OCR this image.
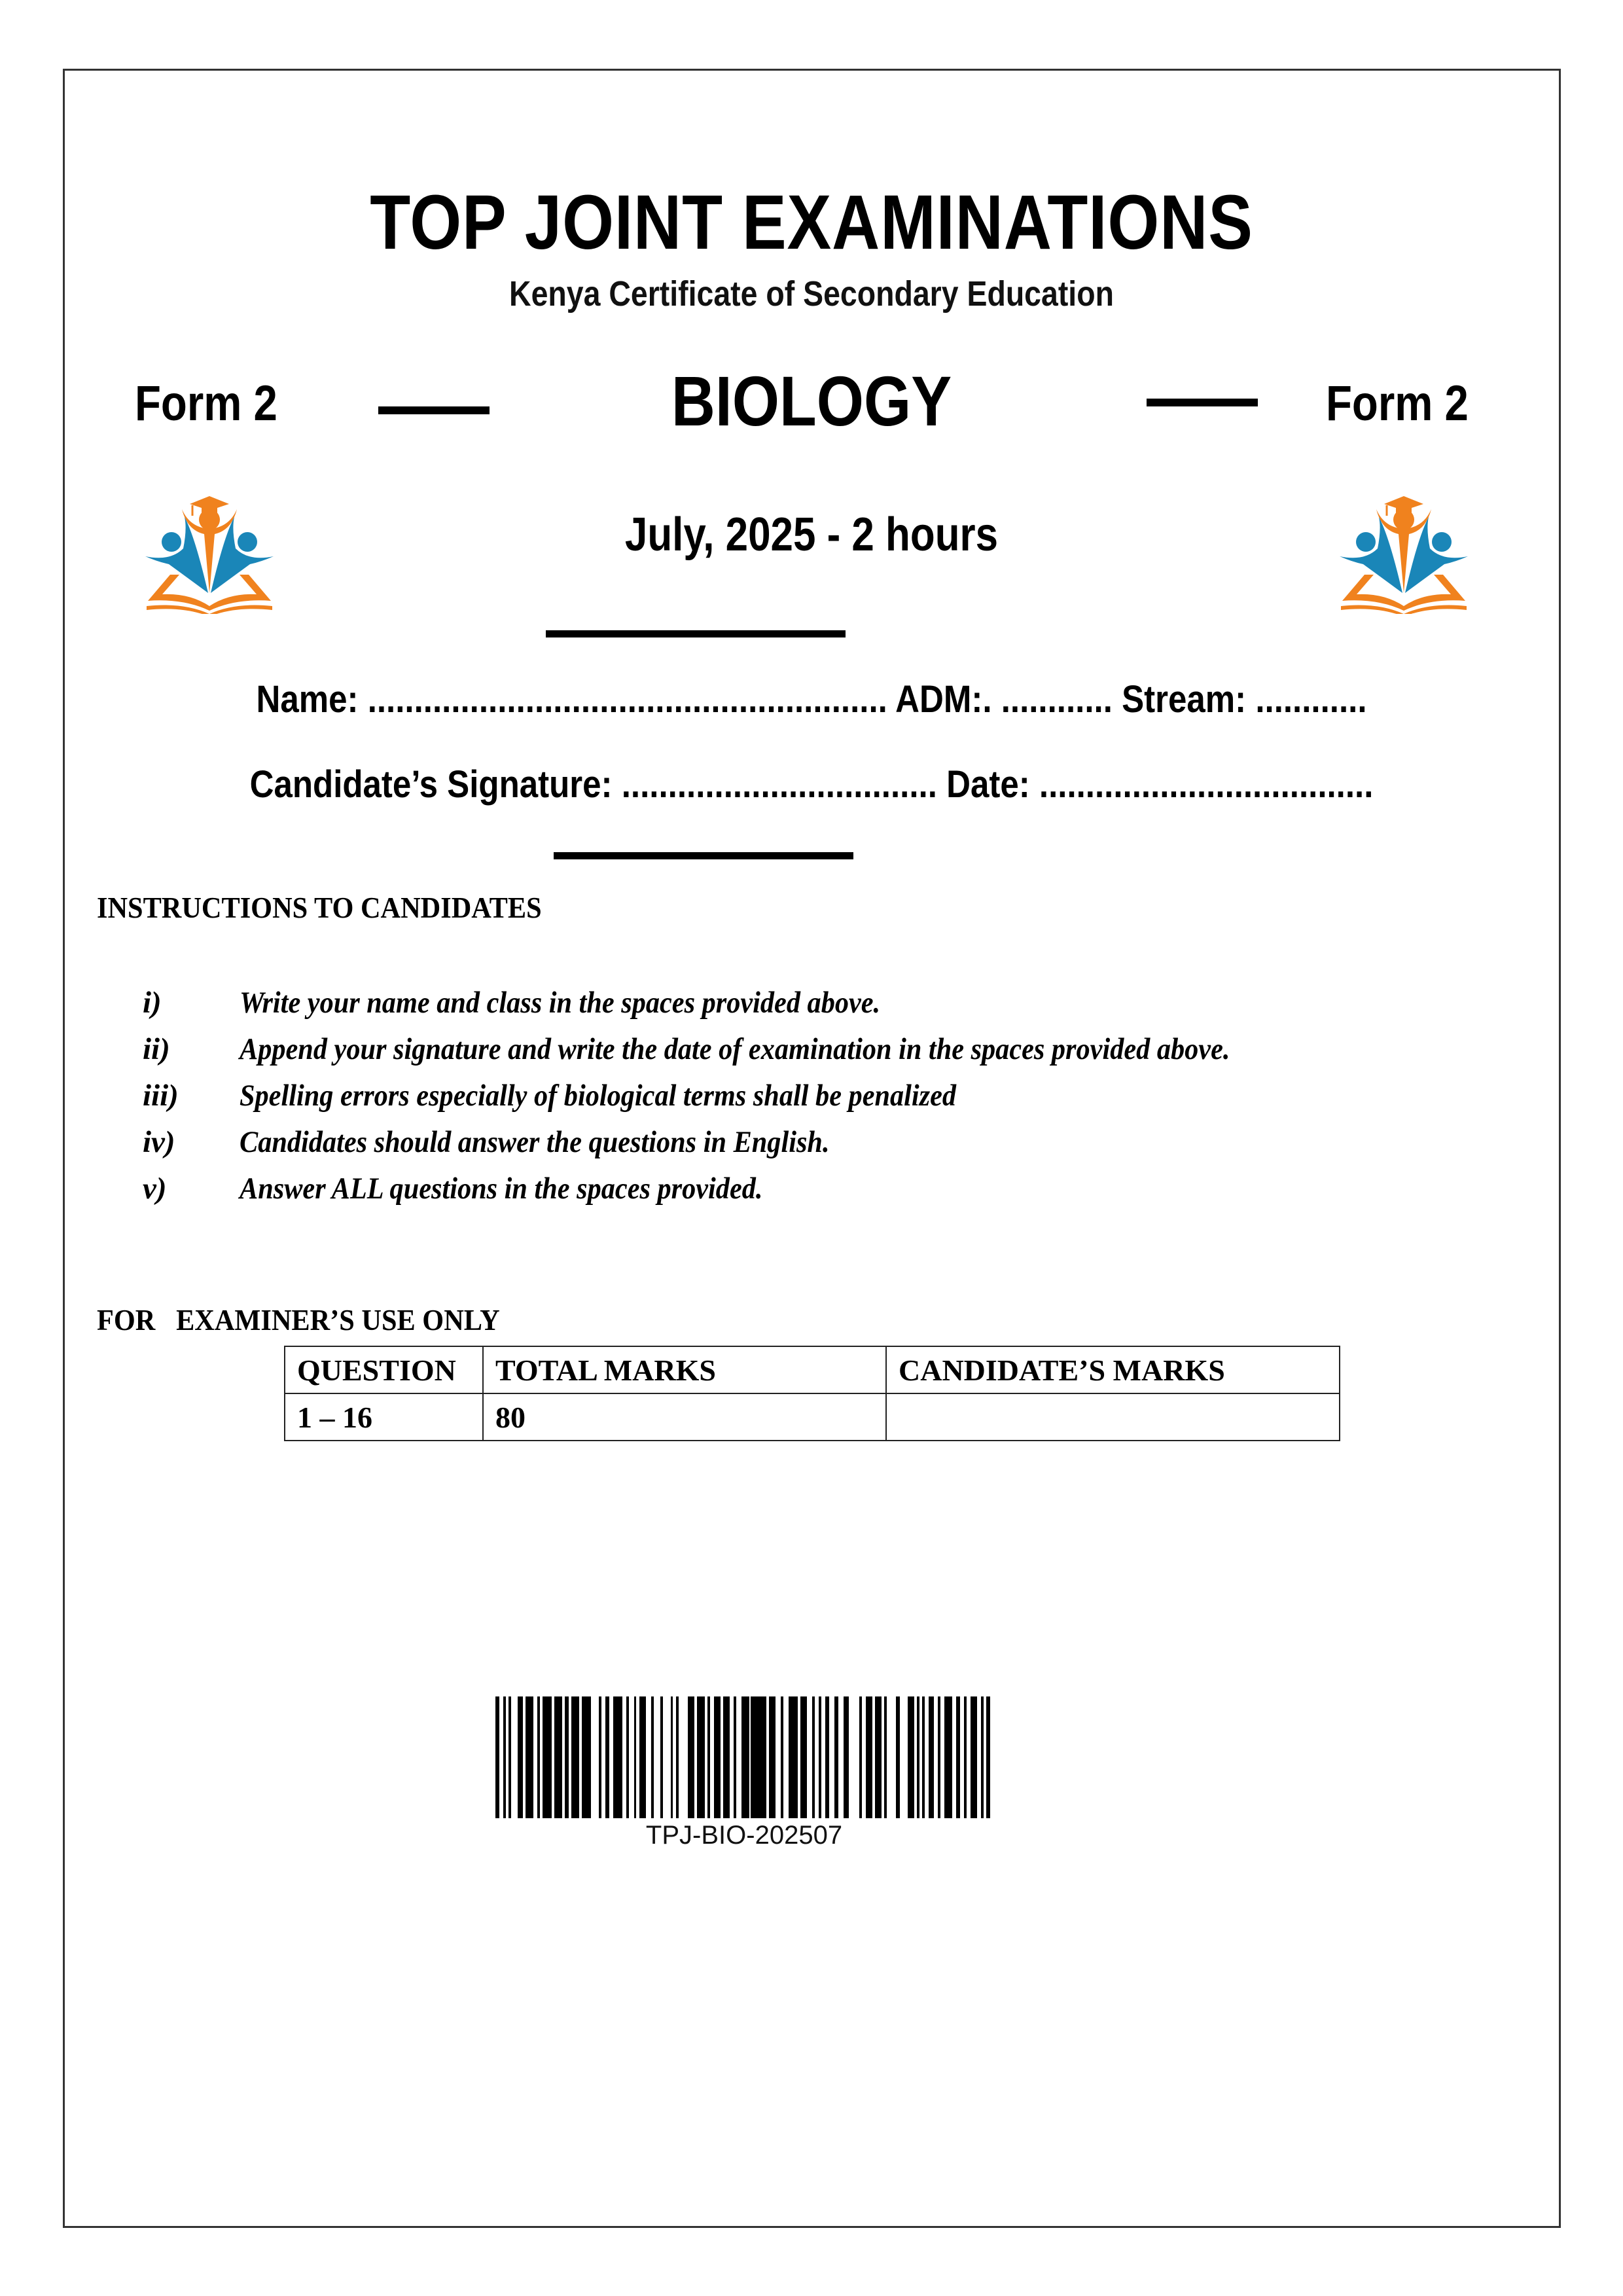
TOP JOINT EXAMINATIONS
Kenya Certificate of Secondary Education
Form 2	BIOLOGY	Form 2
July, 2025 - 2 hours
Name: ........................................................ ADM:. ............ Stream: ............
Candidate’s Signature: .................................. Date: ....................................
INSTRUCTIONS TO CANDIDATES
i)	Write your name and class in the spaces provided above.
ii)	Append your signature and write the date of examination in the spaces provided above.
iii)	Spelling errors especially of biological terms shall be penalized
iv)	Candidates should answer the questions in English.
v)	Answer ALL questions in the spaces provided.
FOR   EXAMINER’S USE ONLY
QUESTION	TOTAL MARKS	CANDIDATE’S MARKS
1 – 16	80	
TPJ-BIO-202507
